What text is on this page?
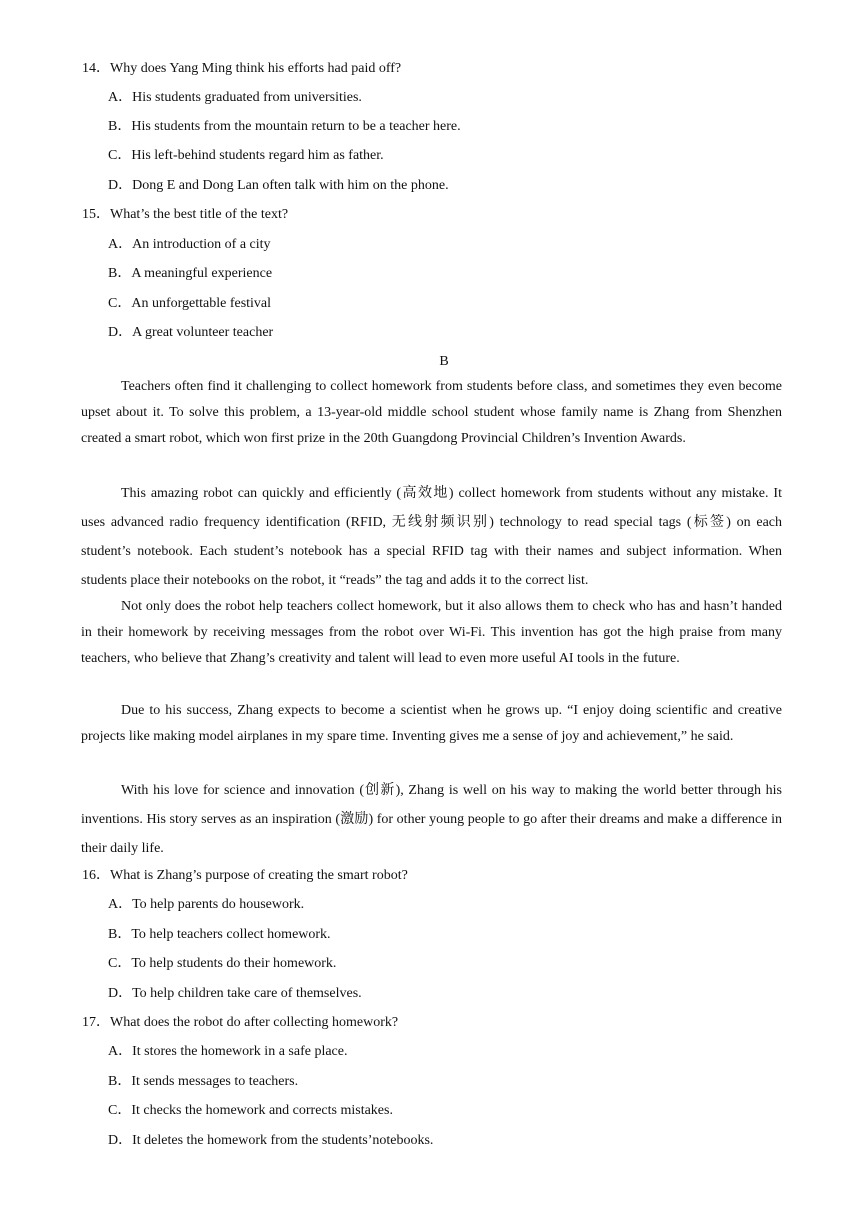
14．Why does Yang Ming think his efforts had paid off?
A．His students graduated from universities.
B．His students from the mountain return to be a teacher here.
C．His left-behind students regard him as father.
D．Dong E and Dong Lan often talk with him on the phone.
15．What’s the best title of the text?
A．An introduction of a city
B．A meaningful experience
C．An unforgettable festival
D．A great volunteer teacher
B

Teachers often find it challenging to collect homework from students before class, and sometimes they even become upset about it. To solve this problem, a 13-year-old middle school student whose family name is Zhang from Shenzhen created a smart robot, which won first prize in the 20th Guangdong Provincial Children’s Invention Awards.

This amazing robot can quickly and efficiently (高效地) collect homework from students without any mistake. It uses advanced radio frequency identification (RFID, 无线射频识别) technology to read special tags (标签) on each student’s notebook. Each student’s notebook has a special RFID tag with their names and subject information. When students place their notebooks on the robot, it “reads” the tag and adds it to the correct list.

Not only does the robot help teachers collect homework, but it also allows them to check who has and hasn’t handed in their homework by receiving messages from the robot over Wi-Fi. This invention has got the high praise from many teachers, who believe that Zhang’s creativity and talent will lead to even more useful AI tools in the future.

Due to his success, Zhang expects to become a scientist when he grows up. “I enjoy doing scientific and creative projects like making model airplanes in my spare time. Inventing gives me a sense of joy and achievement,” he said.

With his love for science and innovation (创新), Zhang is well on his way to making the world better through his inventions. His story serves as an inspiration (激励) for other young people to go after their dreams and make a difference in their daily life.

16．What is Zhang’s purpose of creating the smart robot?
A．To help parents do housework.
B．To help teachers collect homework.
C．To help students do their homework.
D．To help children take care of themselves.
17．What does the robot do after collecting homework?
A．It stores the homework in a safe place.
B．It sends messages to teachers.
C．It checks the homework and corrects mistakes.
D．It deletes the homework from the students’notebooks.
